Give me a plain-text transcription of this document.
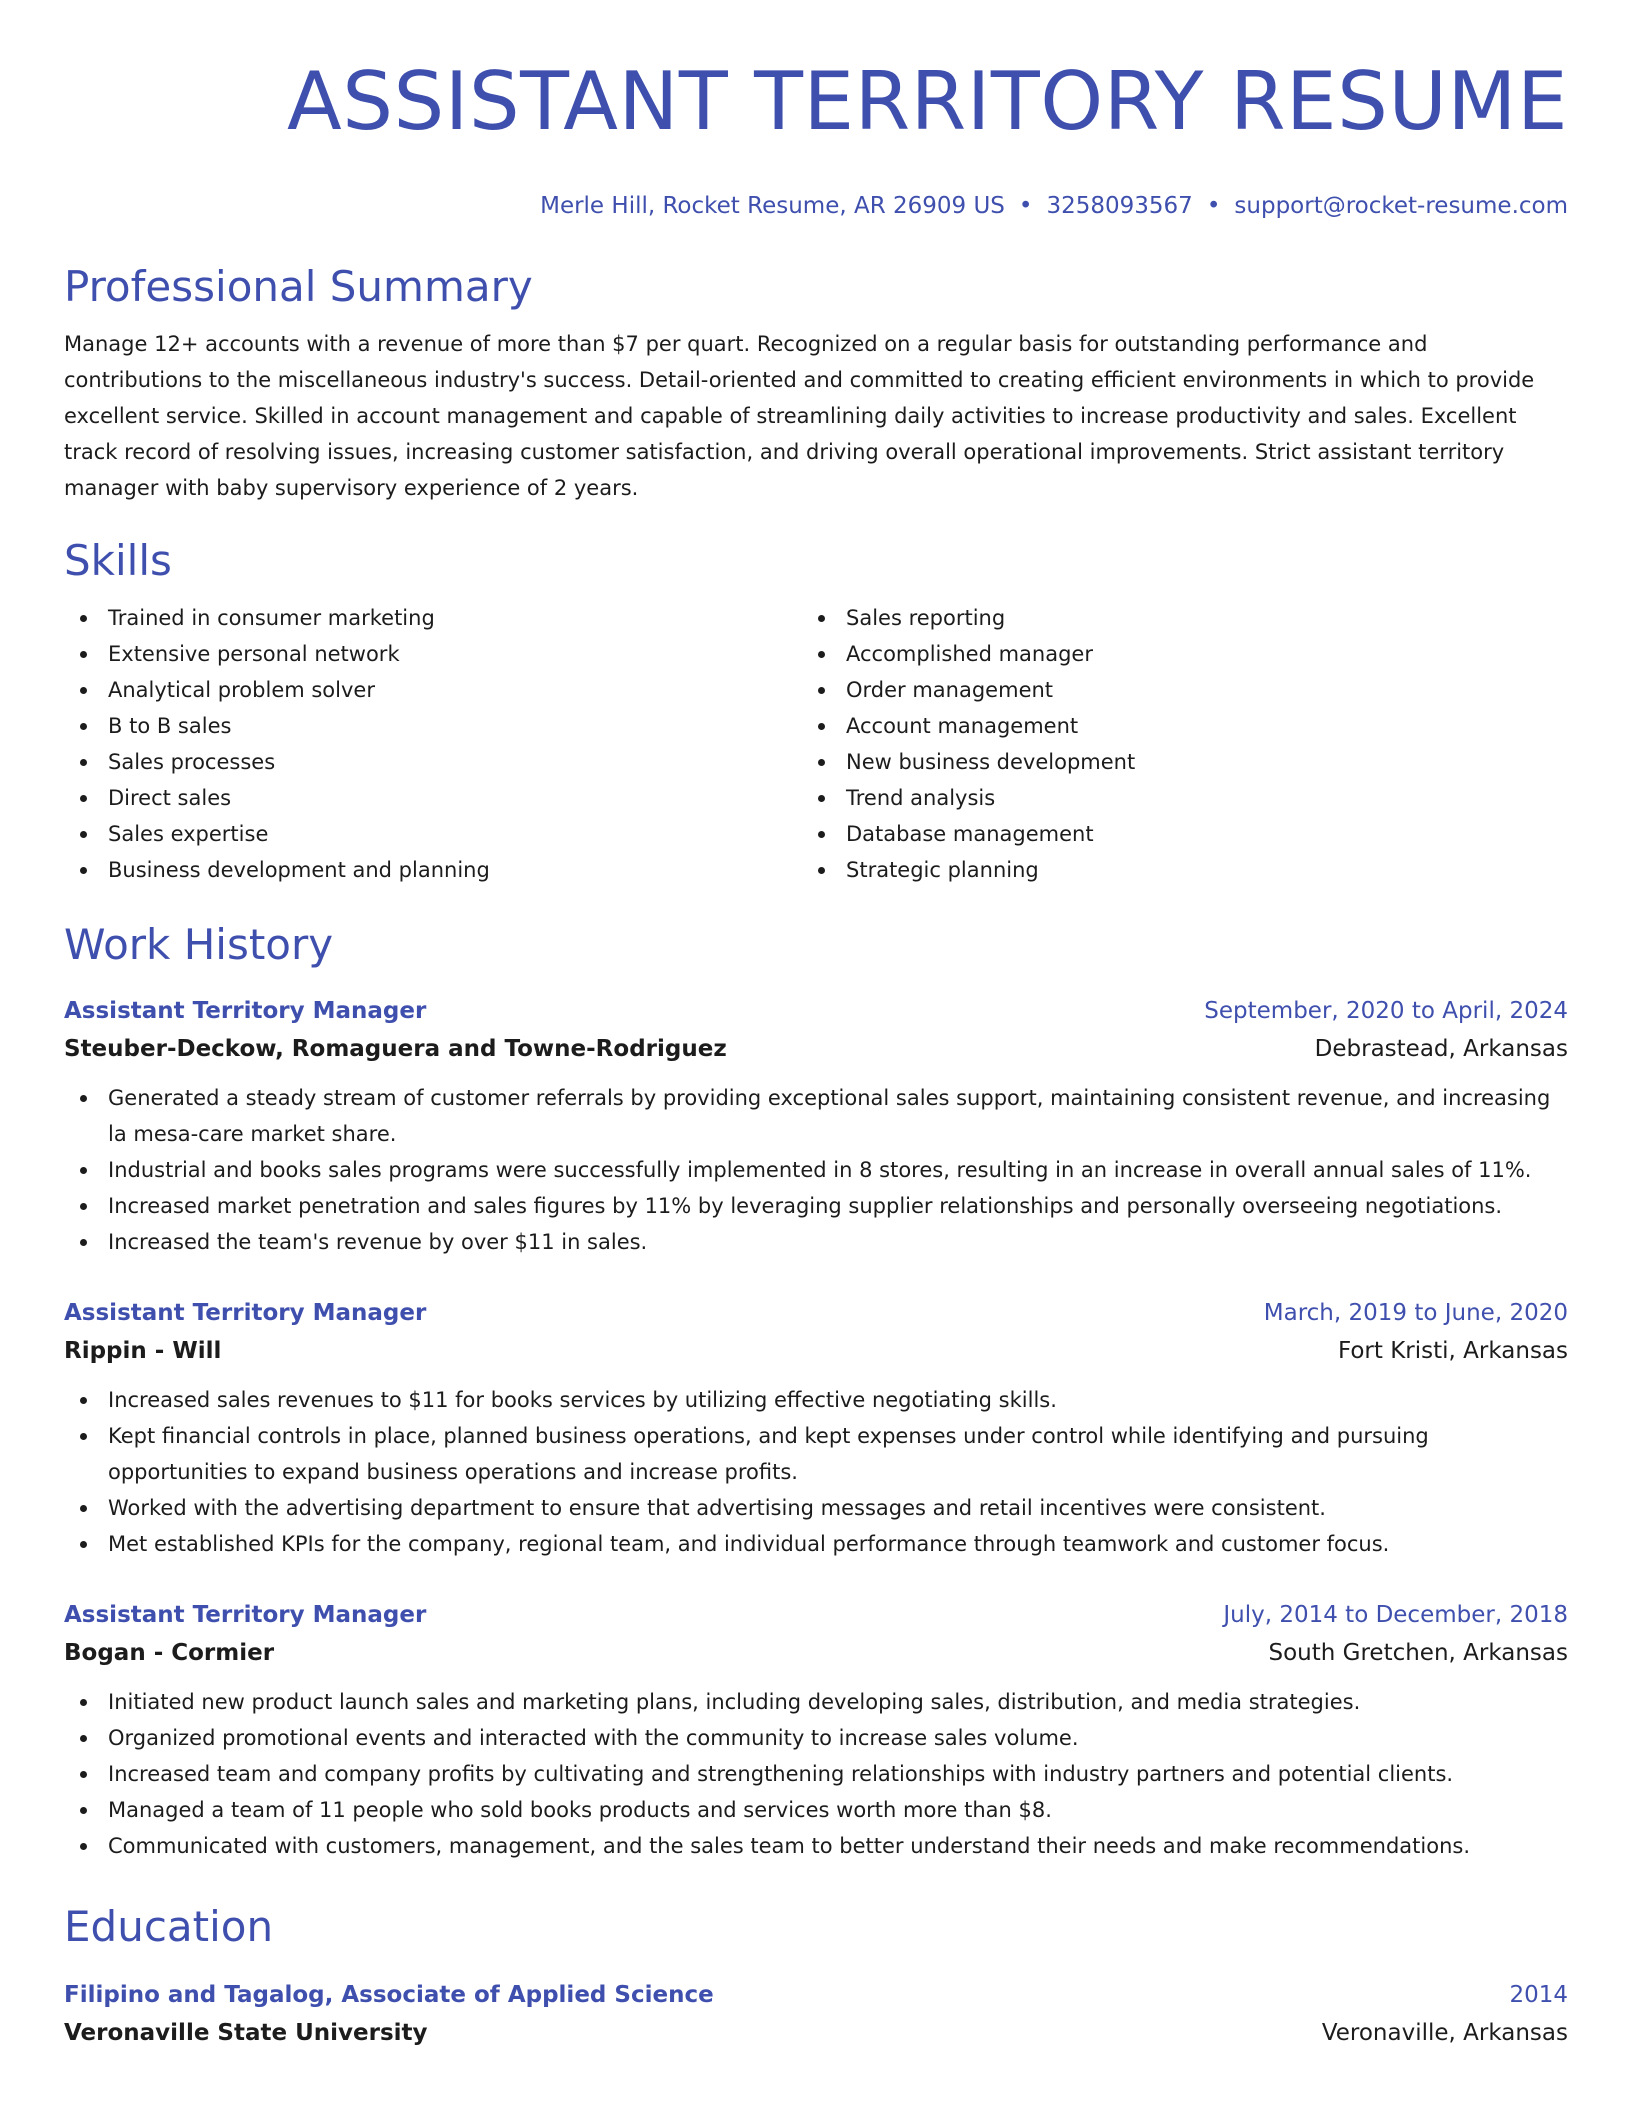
ASSISTANT TERRITORY RESUME
Merle Hill, Rocket Resume, AR 26909 US • 3258093567 • support@rocket-resume.com
Professional Summary

Manage 12+ accounts with a revenue of more than $7 per quart. Recognized on a regular basis for outstanding performance and contributions to the miscellaneous industry's success. Detail-oriented and committed to creating efficient environments in which to provide excellent service. Skilled in account management and capable of streamlining daily activities to increase productivity and sales. Excellent track record of resolving issues, increasing customer satisfaction, and driving overall operational improvements. Strict assistant territory manager with baby supervisory experience of 2 years.

Skills
Trained in consumer marketing
Extensive personal network
Analytical problem solver
B to B sales
Sales processes
Direct sales
Sales expertise
Business development and planning
Sales reporting
Accomplished manager
Order management
Account management
New business development
Trend analysis
Database management
Strategic planning
Work History
Assistant Territory Manager	September, 2020 to April, 2024
Steuber-Deckow, Romaguera and Towne-Rodriguez	Debrastead, Arkansas
Generated a steady stream of customer referrals by providing exceptional sales support, maintaining consistent revenue, and increasing la mesa-care market share.
Industrial and books sales programs were successfully implemented in 8 stores, resulting in an increase in overall annual sales of 11%.
Increased market penetration and sales figures by 11% by leveraging supplier relationships and personally overseeing negotiations.
Increased the team's revenue by over $11 in sales.
Assistant Territory Manager	March, 2019 to June, 2020
Rippin - Will	Fort Kristi, Arkansas
Increased sales revenues to $11 for books services by utilizing effective negotiating skills.
Kept financial controls in place, planned business operations, and kept expenses under control while identifying and pursuing opportunities to expand business operations and increase profits.
Worked with the advertising department to ensure that advertising messages and retail incentives were consistent.
Met established KPIs for the company, regional team, and individual performance through teamwork and customer focus.
Assistant Territory Manager	July, 2014 to December, 2018
Bogan - Cormier	South Gretchen, Arkansas
Initiated new product launch sales and marketing plans, including developing sales, distribution, and media strategies.
Organized promotional events and interacted with the community to increase sales volume.
Increased team and company profits by cultivating and strengthening relationships with industry partners and potential clients.
Managed a team of 11 people who sold books products and services worth more than $8.
Communicated with customers, management, and the sales team to better understand their needs and make recommendations.
Education
Filipino and Tagalog, Associate of Applied Science	2014
Veronaville State University	Veronaville, Arkansas
